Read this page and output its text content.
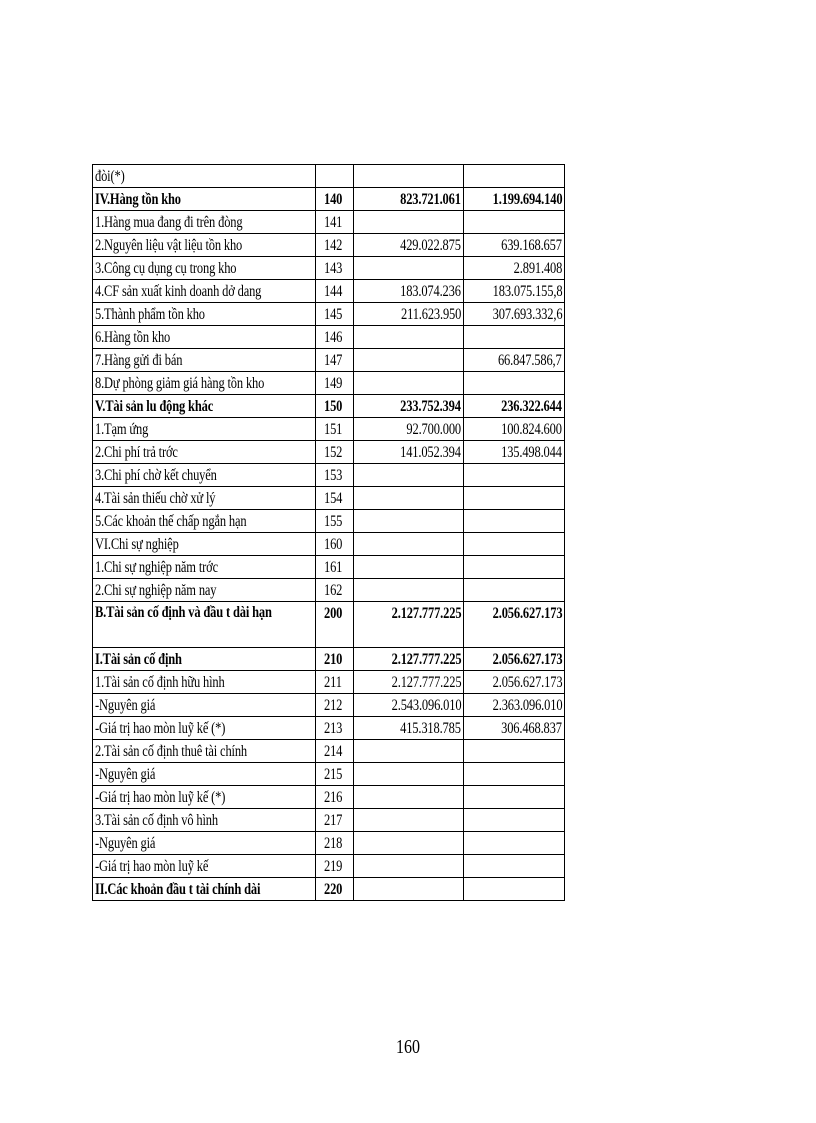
đòi(*)			
IV.Hàng tồn kho	140	823.721.061	1.199.694.140
1.Hàng mua đang đi trên đòng	141		
2.Nguyên liệu vật liệu tồn kho	142	429.022.875	639.168.657
3.Công cụ dụng cụ trong kho	143		2.891.408
4.CF sản xuất kinh doanh dở dang	144	183.074.236	183.075.155,8
5.Thành phẩm tồn kho	145	211.623.950	307.693.332,6
6.Hàng tồn kho	146		
7.Hàng gửi đi bán	147		66.847.586,7
8.Dự phòng giảm giá hàng tồn kho	149		
V.Tài sản lu động khác	150	233.752.394	236.322.644
1.Tạm ứng	151	92.700.000	100.824.600
2.Chi phí trả trớc	152	141.052.394	135.498.044
3.Chi phí chờ kết chuyển	153		
4.Tài sản thiếu chờ xử lý	154		
5.Các khoản thế chấp ngắn hạn	155		
VI.Chi sự nghiệp	160		
1.Chi sự nghiệp năm trớc	161		
2.Chi sự nghiệp năm nay	162		
B.Tài sản cố định và đầu t dài hạn	200	2.127.777.225	2.056.627.173
I.Tài sản cố định	210	2.127.777.225	2.056.627.173
1.Tài sản cố định hữu hình	211	2.127.777.225	2.056.627.173
-Nguyên giá	212	2.543.096.010	2.363.096.010
-Giá trị hao mòn luỹ kế (*)	213	415.318.785	306.468.837
2.Tài sản cố định thuê tài chính	214		
-Nguyên giá	215		
-Giá trị hao mòn luỹ kế (*)	216		
3.Tài sản cố định vô hình	217		
-Nguyên giá	218		
-Giá trị hao mòn luỹ kế	219		
II.Các khoản đầu t tài chính dài	220		
160
